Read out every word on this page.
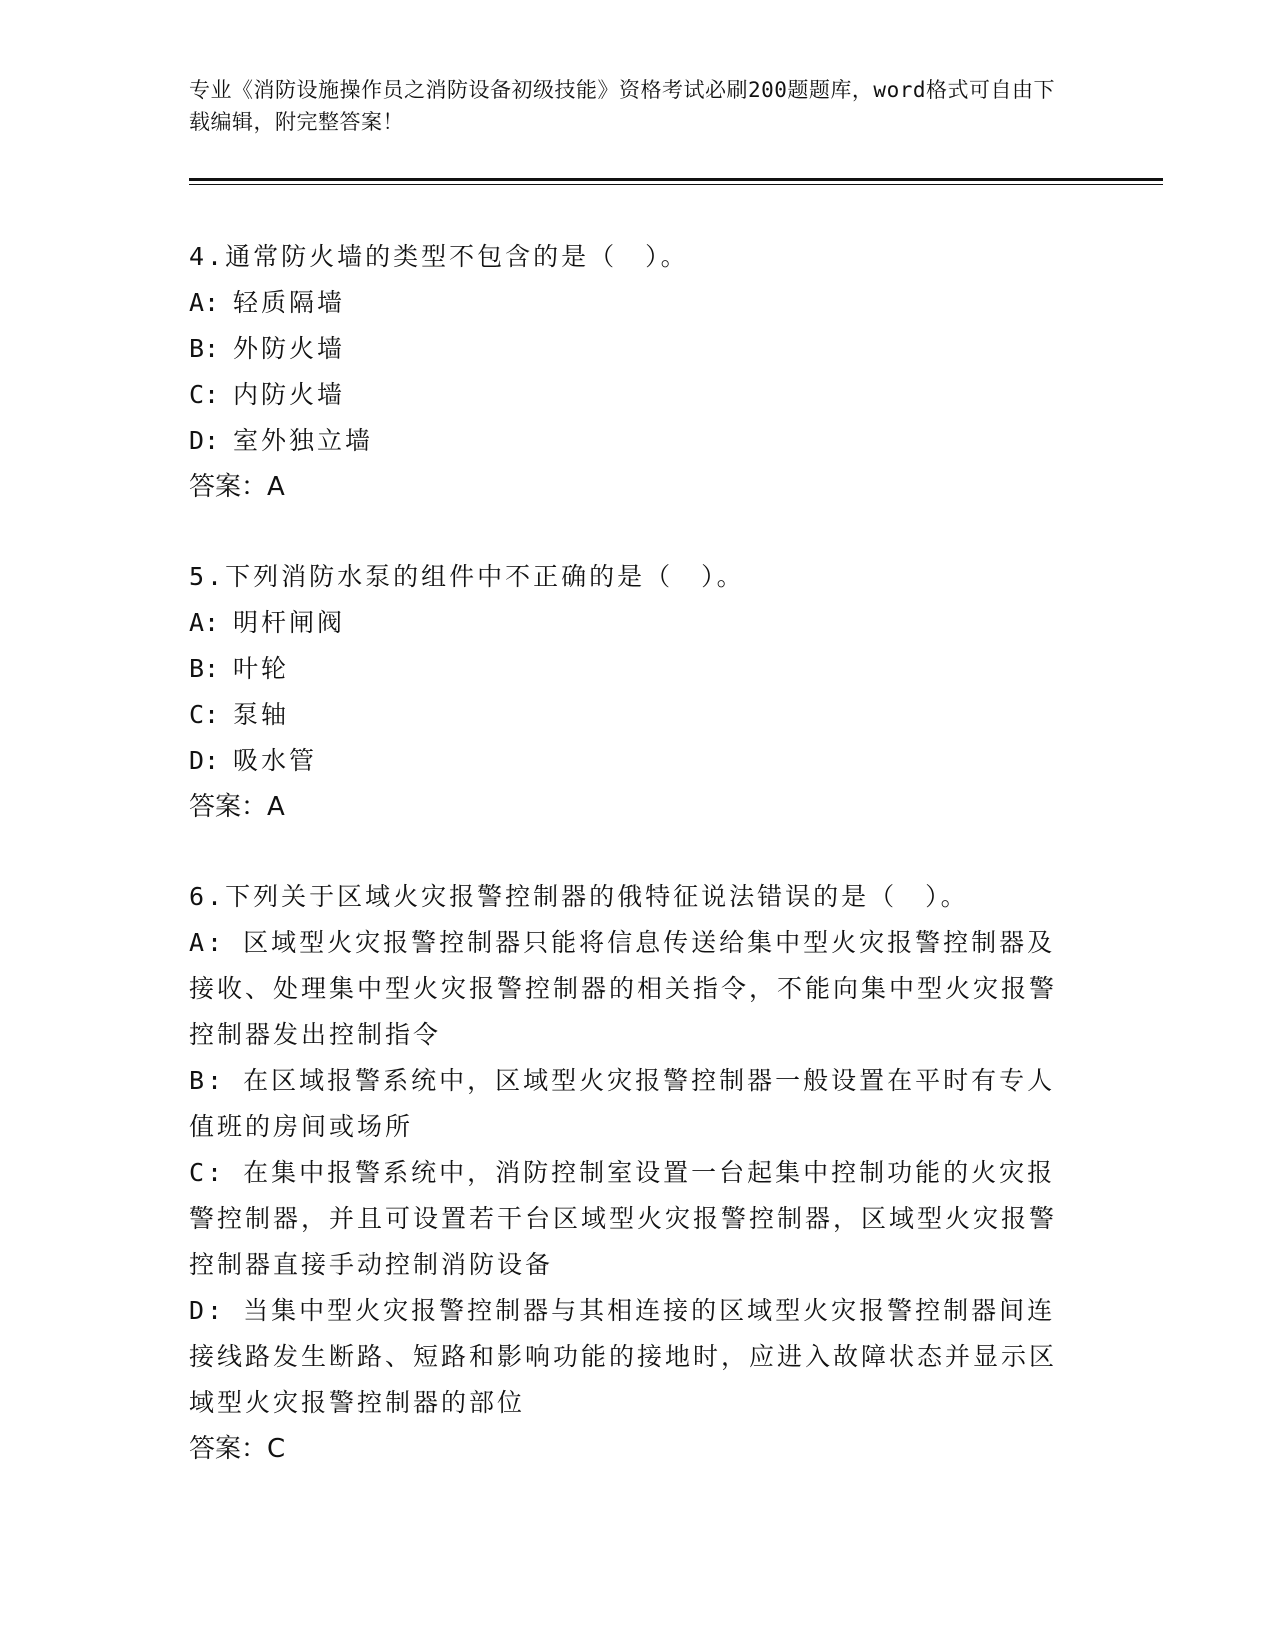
专业《消防设施操作员之消防设备初级技能》资格考试必刷200题题库，word格式可自由下载编辑，附完整答案！

4.通常防火墙的类型不包含的是（　）。

A: 轻质隔墙

B: 外防火墙

C: 内防火墙

D: 室外独立墙

答案：A

5.下列消防水泵的组件中不正确的是（　）。

A: 明杆闸阀

B: 叶轮

C: 泵轴

D: 吸水管

答案：A

6.下列关于区域火灾报警控制器的俄特征说法错误的是（　）。

A: 区域型火灾报警控制器只能将信息传送给集中型火灾报警控制器及接收、处理集中型火灾报警控制器的相关指令，不能向集中型火灾报警控制器发出控制指令

B: 在区域报警系统中，区域型火灾报警控制器一般设置在平时有专人值班的房间或场所

C: 在集中报警系统中，消防控制室设置一台起集中控制功能的火灾报警控制器，并且可设置若干台区域型火灾报警控制器，区域型火灾报警控制器直接手动控制消防设备

D: 当集中型火灾报警控制器与其相连接的区域型火灾报警控制器间连接线路发生断路、短路和影响功能的接地时，应进入故障状态并显示区域型火灾报警控制器的部位

答案：C
